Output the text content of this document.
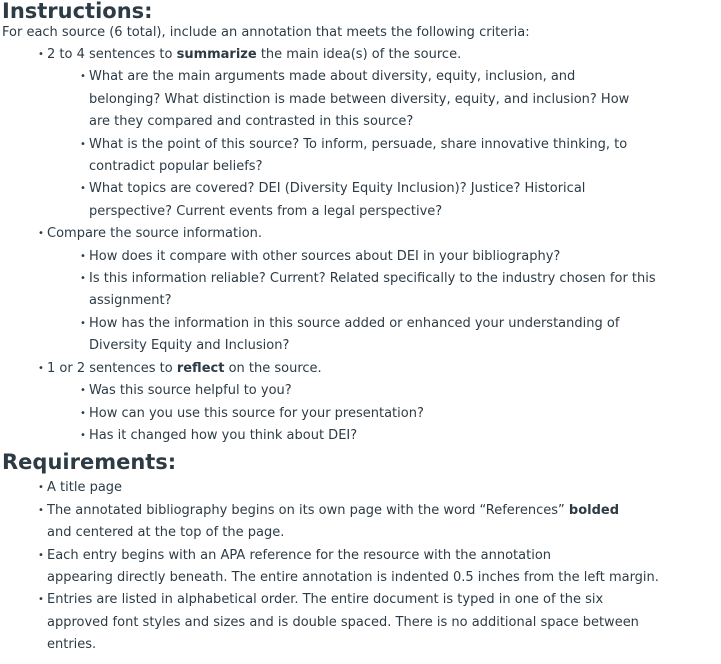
Instructions:

For each source (6 total), include an annotation that meets the following criteria:

• 2 to 4 sentences to summarize the main idea(s) of the source.
• What are the main arguments made about diversity, equity, inclusion, and belonging? What distinction is made between diversity, equity, and inclusion? How are they compared and contrasted in this source?
• What is the point of this source? To inform, persuade, share innovative thinking, to contradict popular beliefs?
• What topics are covered? DEI (Diversity Equity Inclusion)? Justice? Historical perspective? Current events from a legal perspective?
• Compare the source information.
• How does it compare with other sources about DEI in your bibliography?
• Is this information reliable? Current? Related specifically to the industry chosen for this assignment?
• How has the information in this source added or enhanced your understanding of Diversity Equity and Inclusion?
• 1 or 2 sentences to reflect on the source.
• Was this source helpful to you?
• How can you use this source for your presentation?
• Has it changed how you think about DEI?
Requirements:
• A title page
• The annotated bibliography begins on its own page with the word “References” bolded and centered at the top of the page.
• Each entry begins with an APA reference for the resource with the annotation
appearing directly beneath. The entire annotation is indented 0.5 inches from the left margin.
• Entries are listed in alphabetical order. The entire document is typed in one of the six approved font styles and sizes and is double spaced. There is no additional space between entries.
